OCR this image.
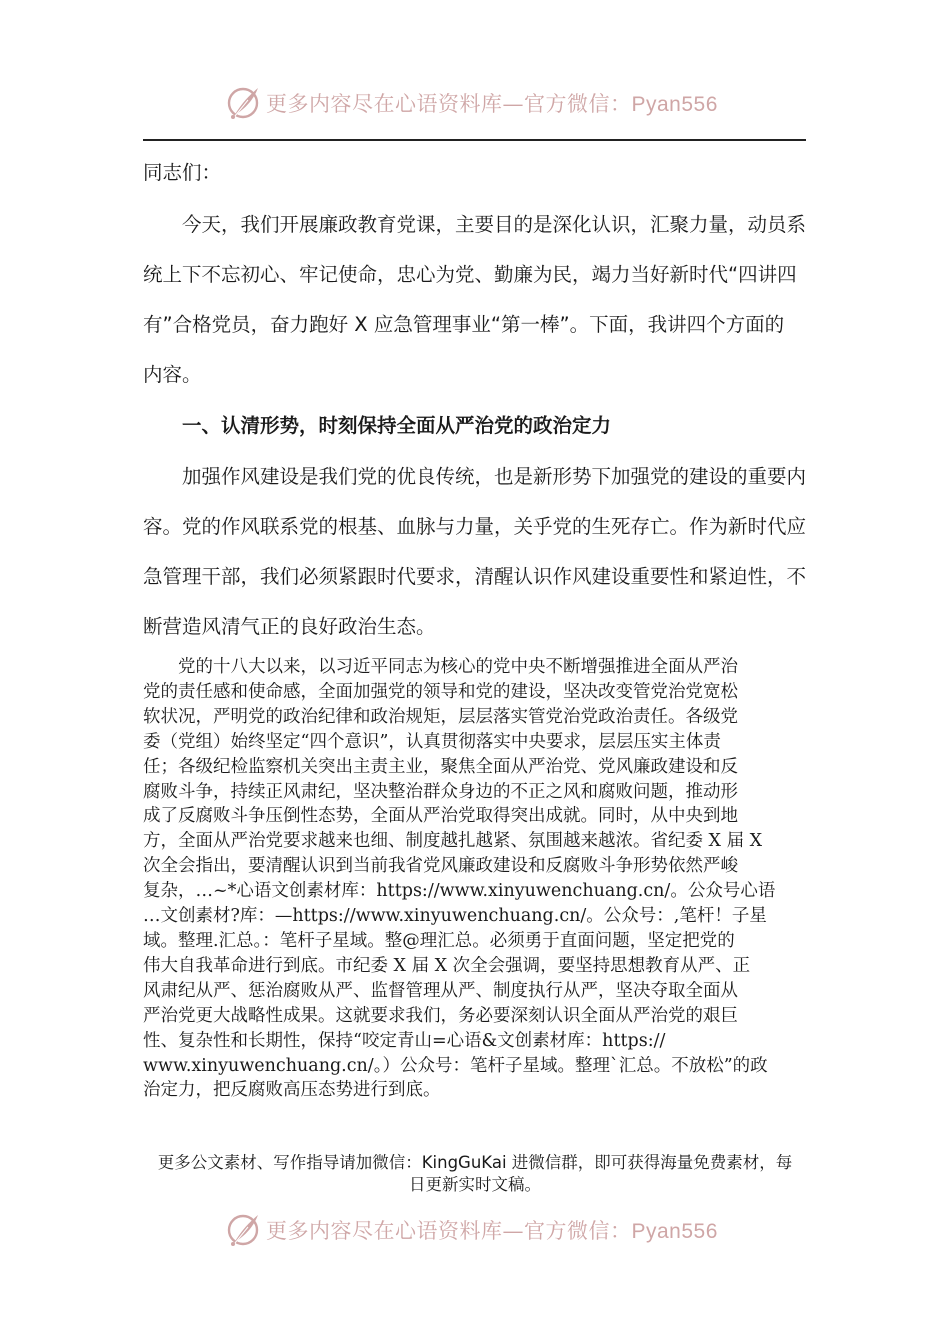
更多内容尽在心语资料库—官方微信：Pyan556
同志们：
今天，我们开展廉政教育党课，主要目的是深化认识，汇聚力量，动员系
统上下不忘初心、牢记使命，忠心为党、勤廉为民，竭力当好新时代“四讲四
有”合格党员，奋力跑好 X 应急管理事业“第一棒”。下面，我讲四个方面的
内容。
一、认清形势，时刻保持全面从严治党的政治定力
加强作风建设是我们党的优良传统，也是新形势下加强党的建设的重要内
容。党的作风联系党的根基、血脉与力量，关乎党的生死存亡。作为新时代应
急管理干部，我们必须紧跟时代要求，清醒认识作风建设重要性和紧迫性，不
断营造风清气正的良好政治生态。
　　党的十八大以来，以习近平同志为核心的党中央不断增强推进全面从严治
党的责任感和使命感，全面加强党的领导和党的建设，坚决改变管党治党宽松
软状况，严明党的政治纪律和政治规矩，层层落实管党治党政治责任。各级党
委（党组）始终坚定“四个意识”，认真贯彻落实中央要求，层层压实主体责
任；各级纪检监察机关突出主责主业，聚焦全面从严治党、党风廉政建设和反
腐败斗争，持续正风肃纪，坚决整治群众身边的不正之风和腐败问题，推动形
成了反腐败斗争压倒性态势，全面从严治党取得突出成就。同时，从中央到地
方，全面从严治党要求越来也细、制度越扎越紧、氛围越来越浓。省纪委 X 届 X
次全会指出，要清醒认识到当前我省党风廉政建设和反腐败斗争形势依然严峻
复杂，…~*心语文创素材库：https://www.xinyuwenchuang.cn/。公众号心语
…文创素材?库：—https://www.xinyuwenchuang.cn/。公众号：,笔杆！子星
域。整理.汇总。：笔杆子星域。整@理汇总。必须勇于直面问题，坚定把党的
伟大自我革命进行到底。市纪委 X 届 X 次全会强调，要坚持思想教育从严、正
风肃纪从严、惩治腐败从严、监督管理从严、制度执行从严，坚决夺取全面从
严治党更大战略性成果。这就要求我们，务必要深刻认识全面从严治党的艰巨
性、复杂性和长期性，保持“咬定青山=心语&文创素材库：https://
www.xinyuwenchuang.cn/。）公众号：笔杆子星域。整理`汇总。不放松”的政
治定力，把反腐败高压态势进行到底。
更多公文素材、写作指导请加微信：KingGuKai 进微信群，即可获得海量免费素材，每
日更新实时文稿。
更多内容尽在心语资料库—官方微信：Pyan556
